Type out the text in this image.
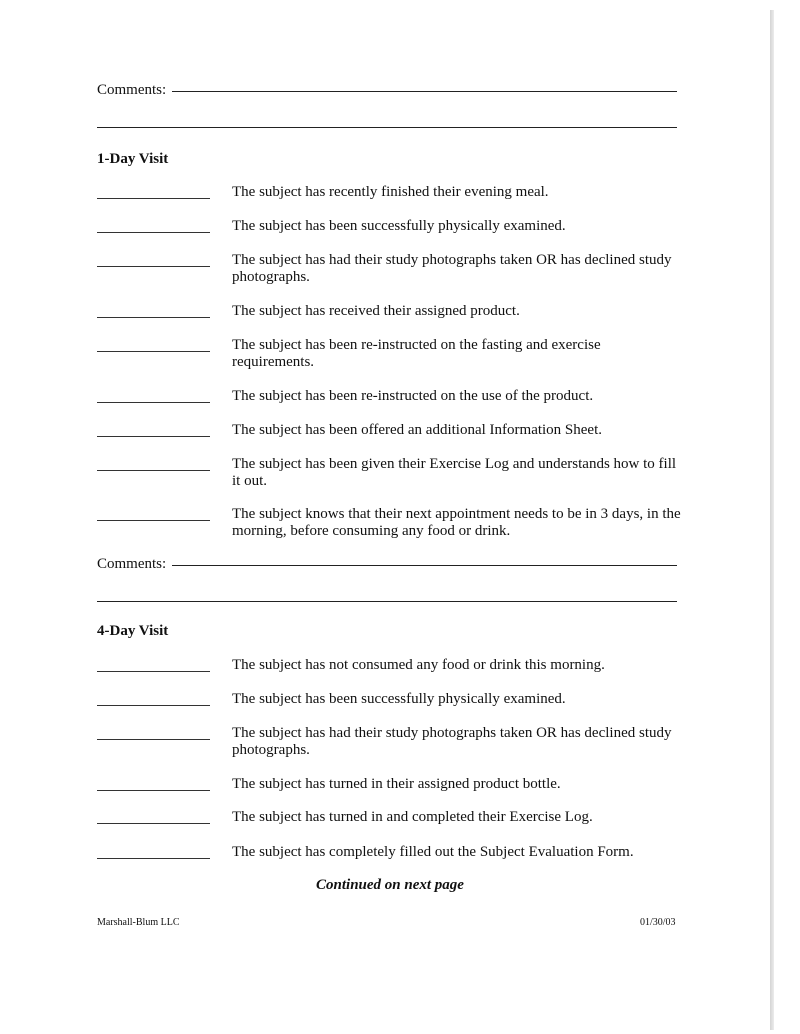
Comments:
1-Day Visit
The subject has recently finished their evening meal.
The subject has been successfully physically examined.
The subject has had their study photographs taken OR has declined study photographs.
The subject has received their assigned product.
The subject has been re-instructed on the fasting and exercise requirements.
The subject has been re-instructed on the use of the product.
The subject has been offered an additional Information Sheet.
The subject has been given their Exercise Log and understands how to fill it out.
The subject knows that their next appointment needs to be in 3 days, in the morning, before consuming any food or drink.
Comments:
4-Day Visit
The subject has not consumed any food or drink this morning.
The subject has been successfully physically examined.
The subject has had their study photographs taken OR has declined study photographs.
The subject has turned in their assigned product bottle.
The subject has turned in and completed their Exercise Log.
The subject has completely filled out the Subject Evaluation Form.
Continued on next page
Marshall-Blum LLC	01/30/03
